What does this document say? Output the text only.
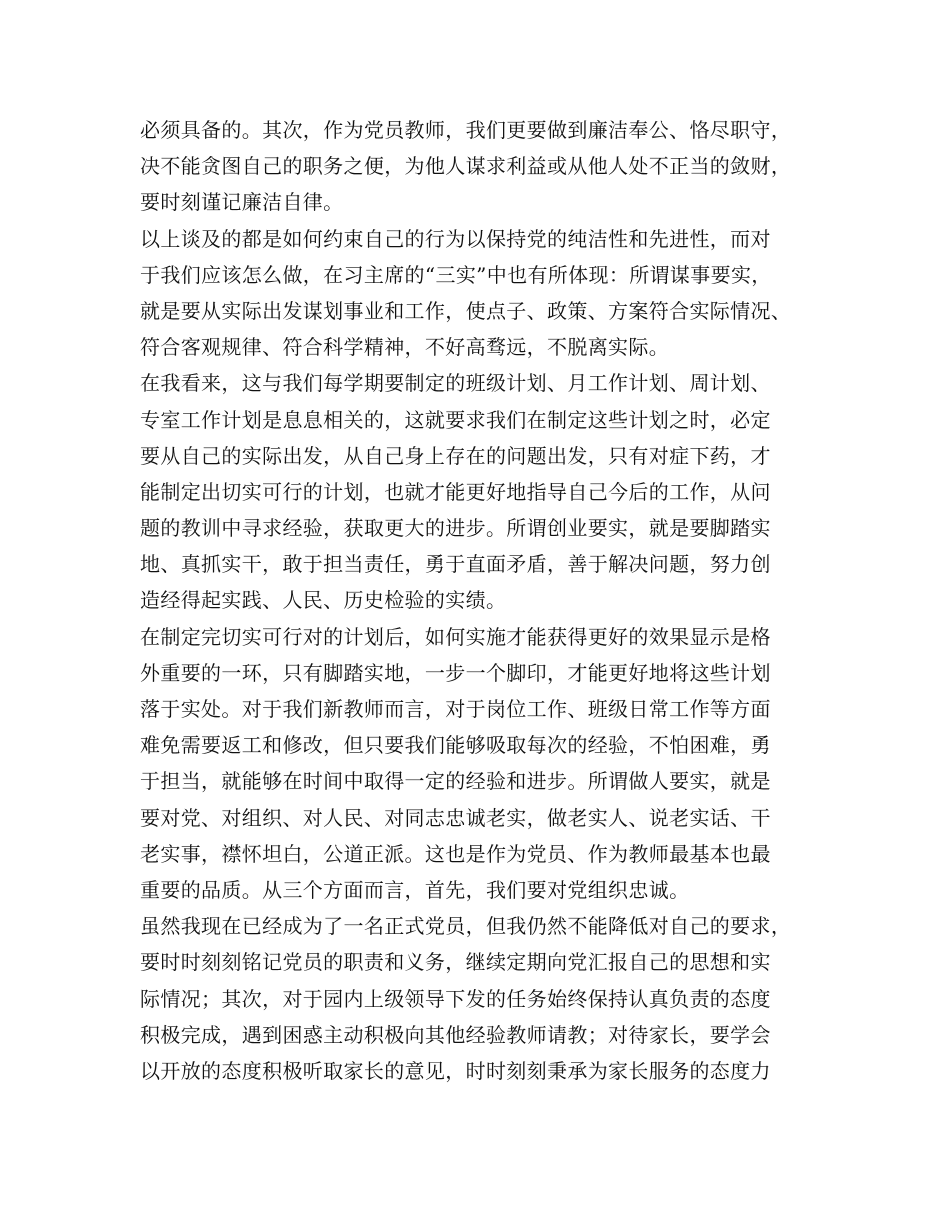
必须具备的。其次，作为党员教师，我们更要做到廉洁奉公、恪尽职守，
决不能贪图自己的职务之便，为他人谋求利益或从他人处不正当的敛财，
要时刻谨记廉洁自律。
以上谈及的都是如何约束自己的行为以保持党的纯洁性和先进性，而对
于我们应该怎么做，在习主席的“三实”中也有所体现：所谓谋事要实，
就是要从实际出发谋划事业和工作，使点子、政策、方案符合实际情况、
符合客观规律、符合科学精神，不好高骛远，不脱离实际。
在我看来，这与我们每学期要制定的班级计划、月工作计划、周计划、
专室工作计划是息息相关的，这就要求我们在制定这些计划之时，必定
要从自己的实际出发，从自己身上存在的问题出发，只有对症下药，才
能制定出切实可行的计划，也就才能更好地指导自己今后的工作，从问
题的教训中寻求经验，获取更大的进步。所谓创业要实，就是要脚踏实
地、真抓实干，敢于担当责任，勇于直面矛盾，善于解决问题，努力创
造经得起实践、人民、历史检验的实绩。
在制定完切实可行对的计划后，如何实施才能获得更好的效果显示是格
外重要的一环，只有脚踏实地，一步一个脚印，才能更好地将这些计划
落于实处。对于我们新教师而言，对于岗位工作、班级日常工作等方面
难免需要返工和修改，但只要我们能够吸取每次的经验，不怕困难，勇
于担当，就能够在时间中取得一定的经验和进步。所谓做人要实，就是
要对党、对组织、对人民、对同志忠诚老实，做老实人、说老实话、干
老实事，襟怀坦白，公道正派。这也是作为党员、作为教师最基本也最
重要的品质。从三个方面而言，首先，我们要对党组织忠诚。
虽然我现在已经成为了一名正式党员，但我仍然不能降低对自己的要求，
要时时刻刻铭记党员的职责和义务，继续定期向党汇报自己的思想和实
际情况；其次，对于园内上级领导下发的任务始终保持认真负责的态度
积极完成，遇到困惑主动积极向其他经验教师请教；对待家长，要学会
以开放的态度积极听取家长的意见，时时刻刻秉承为家长服务的态度力
